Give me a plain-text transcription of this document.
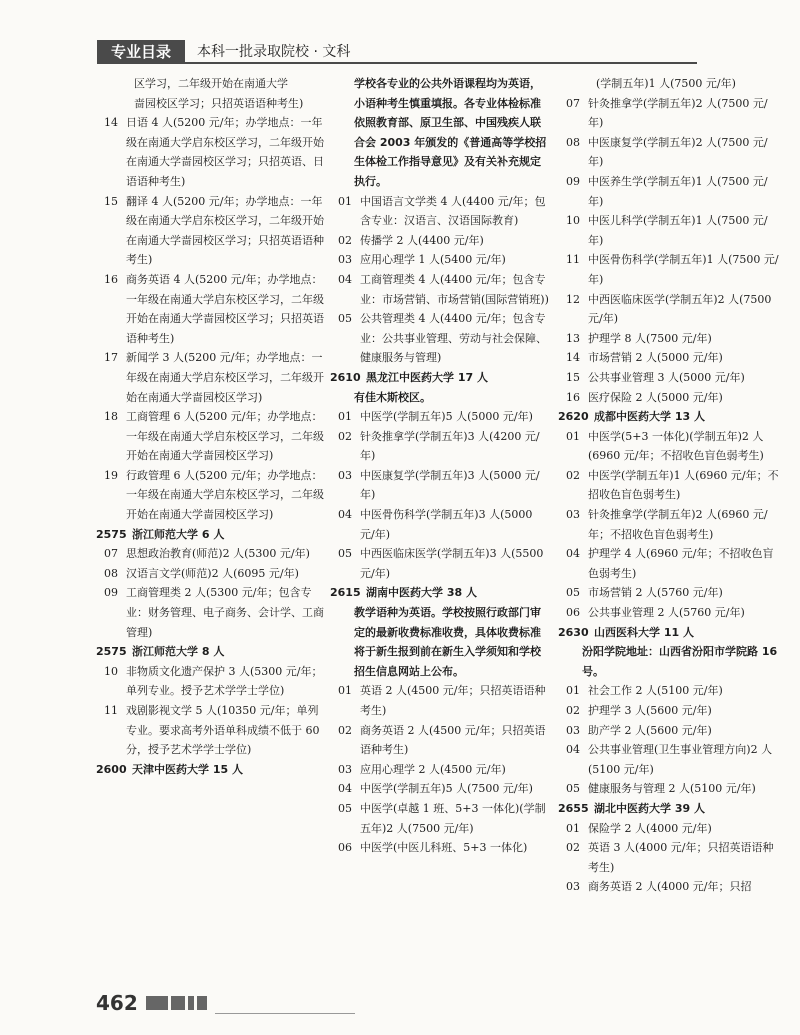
专业目录	本科一批录取院校 · 文科
区学习，二年级开始在南通大学
啬园校区学习；只招英语语种考生)
14 日语 4 人(5200 元/年；办学地点：一年级在南通大学启东校区学习，二年级开始在南通大学啬园校区学习；只招英语、日语语种考生)
15 翻译 4 人(5200 元/年；办学地点：一年级在南通大学启东校区学习，二年级开始在南通大学啬园校区学习；只招英语语种考生)
16 商务英语 4 人(5200 元/年；办学地点：一年级在南通大学启东校区学习，二年级开始在南通大学啬园校区学习；只招英语语种考生)
17 新闻学 3 人(5200 元/年；办学地点：一年级在南通大学启东校区学习，二年级开始在南通大学啬园校区学习)
18 工商管理 6 人(5200 元/年；办学地点：一年级在南通大学启东校区学习，二年级开始在南通大学啬园校区学习)
19 行政管理 6 人(5200 元/年；办学地点：一年级在南通大学启东校区学习，二年级开始在南通大学啬园校区学习)
2575 浙江师范大学 6 人
07 思想政治教育(师范)2 人(5300 元/年)
08 汉语言文学(师范)2 人(6095 元/年)
09 工商管理类 2 人(5300 元/年；包含专业：财务管理、电子商务、会计学、工商管理)
2575 浙江师范大学 8 人
10 非物质文化遗产保护 3 人(5300 元/年；单列专业。授予艺术学学士学位)
11 戏剧影视文学 5 人(10350 元/年；单列专业。要求高考外语单科成绩不低于 60 分，授予艺术学学士学位)
2600 天津中医药大学 15 人
学校各专业的公共外语课程均为英语，小语种考生慎重填报。各专业体检标准依照教育部、原卫生部、中国残疾人联合会 2003 年颁发的《普通高等学校招生体检工作指导意见》及有关补充规定执行。
01 中国语言文学类 4 人(4400 元/年；包含专业：汉语言、汉语国际教育)
02 传播学 2 人(4400 元/年)
03 应用心理学 1 人(5400 元/年)
04 工商管理类 4 人(4400 元/年；包含专业：市场营销、市场营销(国际营销班))
05 公共管理类 4 人(4400 元/年；包含专业：公共事业管理、劳动与社会保障、健康服务与管理)
2610 黑龙江中医药大学 17 人
有佳木斯校区。
01 中医学(学制五年)5 人(5000 元/年)
02 针灸推拿学(学制五年)3 人(4200 元/年)
03 中医康复学(学制五年)3 人(5000 元/年)
04 中医骨伤科学(学制五年)3 人(5000 元/年)
05 中西医临床医学(学制五年)3 人(5500 元/年)
2615 湖南中医药大学 38 人
教学语种为英语。学校按照行政部门审定的最新收费标准收费，具体收费标准将于新生报到前在新生入学须知和学校招生信息网站上公布。
01 英语 2 人(4500 元/年；只招英语语种考生)
02 商务英语 2 人(4500 元/年；只招英语语种考生)
03 应用心理学 2 人(4500 元/年)
04 中医学(学制五年)5 人(7500 元/年)
05 中医学(卓越 1 班、5+3 一体化)(学制五年)2 人(7500 元/年)
06 中医学(中医儿科班、5+3 一体化)
(学制五年)1 人(7500 元/年)
07 针灸推拿学(学制五年)2 人(7500 元/年)
08 中医康复学(学制五年)2 人(7500 元/年)
09 中医养生学(学制五年)1 人(7500 元/年)
10 中医儿科学(学制五年)1 人(7500 元/年)
11 中医骨伤科学(学制五年)1 人(7500 元/年)
12 中西医临床医学(学制五年)2 人(7500 元/年)
13 护理学 8 人(7500 元/年)
14 市场营销 2 人(5000 元/年)
15 公共事业管理 3 人(5000 元/年)
16 医疗保险 2 人(5000 元/年)
2620 成都中医药大学 13 人
01 中医学(5+3 一体化)(学制五年)2 人(6960 元/年；不招收色盲色弱考生)
02 中医学(学制五年)1 人(6960 元/年；不招收色盲色弱考生)
03 针灸推拿学(学制五年)2 人(6960 元/年；不招收色盲色弱考生)
04 护理学 4 人(6960 元/年；不招收色盲色弱考生)
05 市场营销 2 人(5760 元/年)
06 公共事业管理 2 人(5760 元/年)
2630 山西医科大学 11 人
汾阳学院地址：山西省汾阳市学院路 16 号。
01 社会工作 2 人(5100 元/年)
02 护理学 3 人(5600 元/年)
03 助产学 2 人(5600 元/年)
04 公共事业管理(卫生事业管理方向)2 人(5100 元/年)
05 健康服务与管理 2 人(5100 元/年)
2655 湖北中医药大学 39 人
01 保险学 2 人(4000 元/年)
02 英语 3 人(4000 元/年；只招英语语种考生)
03 商务英语 2 人(4000 元/年；只招
462
